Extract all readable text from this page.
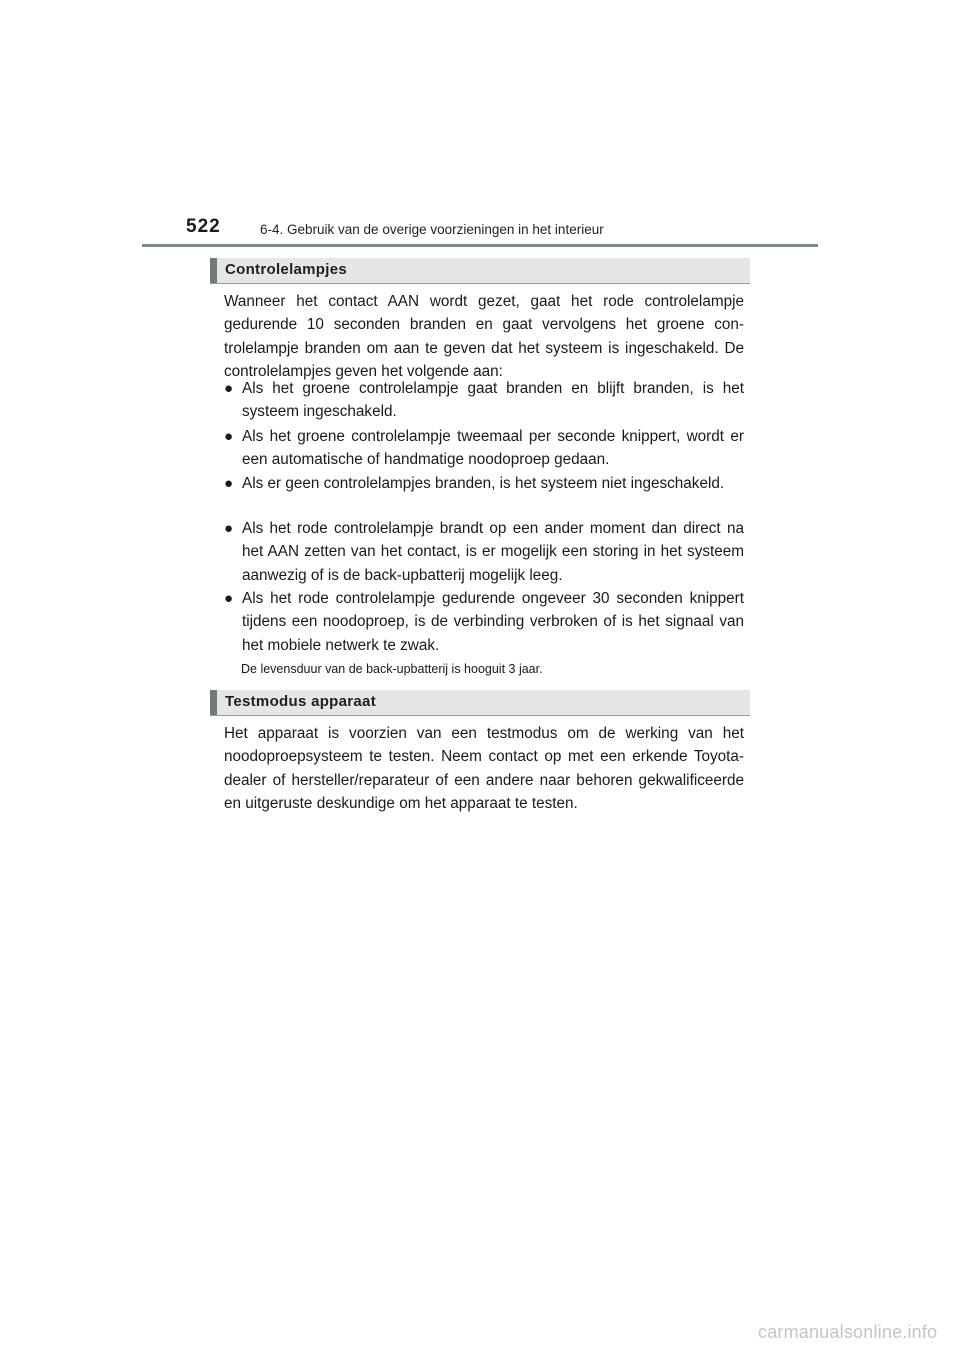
522	6-4. Gebruik van de overige voorzieningen in het interieur
Controlelampjes
Wanneer het contact AAN wordt gezet, gaat het rode controlelampje gedurende 10 seconden branden en gaat vervolgens het groene controlelampje branden om aan te geven dat het systeem is ingeschakeld. De controlelampjes geven het volgende aan:
● Als het groene controlelampje gaat branden en blijft branden, is het systeem ingeschakeld.
● Als het groene controlelampje tweemaal per seconde knippert, wordt er een automatische of handmatige noodoproep gedaan.
● Als er geen controlelampjes branden, is het systeem niet ingeschakeld.
● Als het rode controlelampje brandt op een ander moment dan direct na het AAN zetten van het contact, is er mogelijk een storing in het systeem aanwezig of is de back-upbatterij mogelijk leeg.
● Als het rode controlelampje gedurende ongeveer 30 seconden knippert tijdens een noodoproep, is de verbinding verbroken of is het signaal van het mobiele netwerk te zwak.
De levensduur van de back-upbatterij is hooguit 3 jaar.
Testmodus apparaat
Het apparaat is voorzien van een testmodus om de werking van het noodoproepsysteem te testen. Neem contact op met een erkende Toyota-dealer of hersteller/reparateur of een andere naar behoren gekwalificeerde en uitgeruste deskundige om het apparaat te testen.
carmanualsonline.info
